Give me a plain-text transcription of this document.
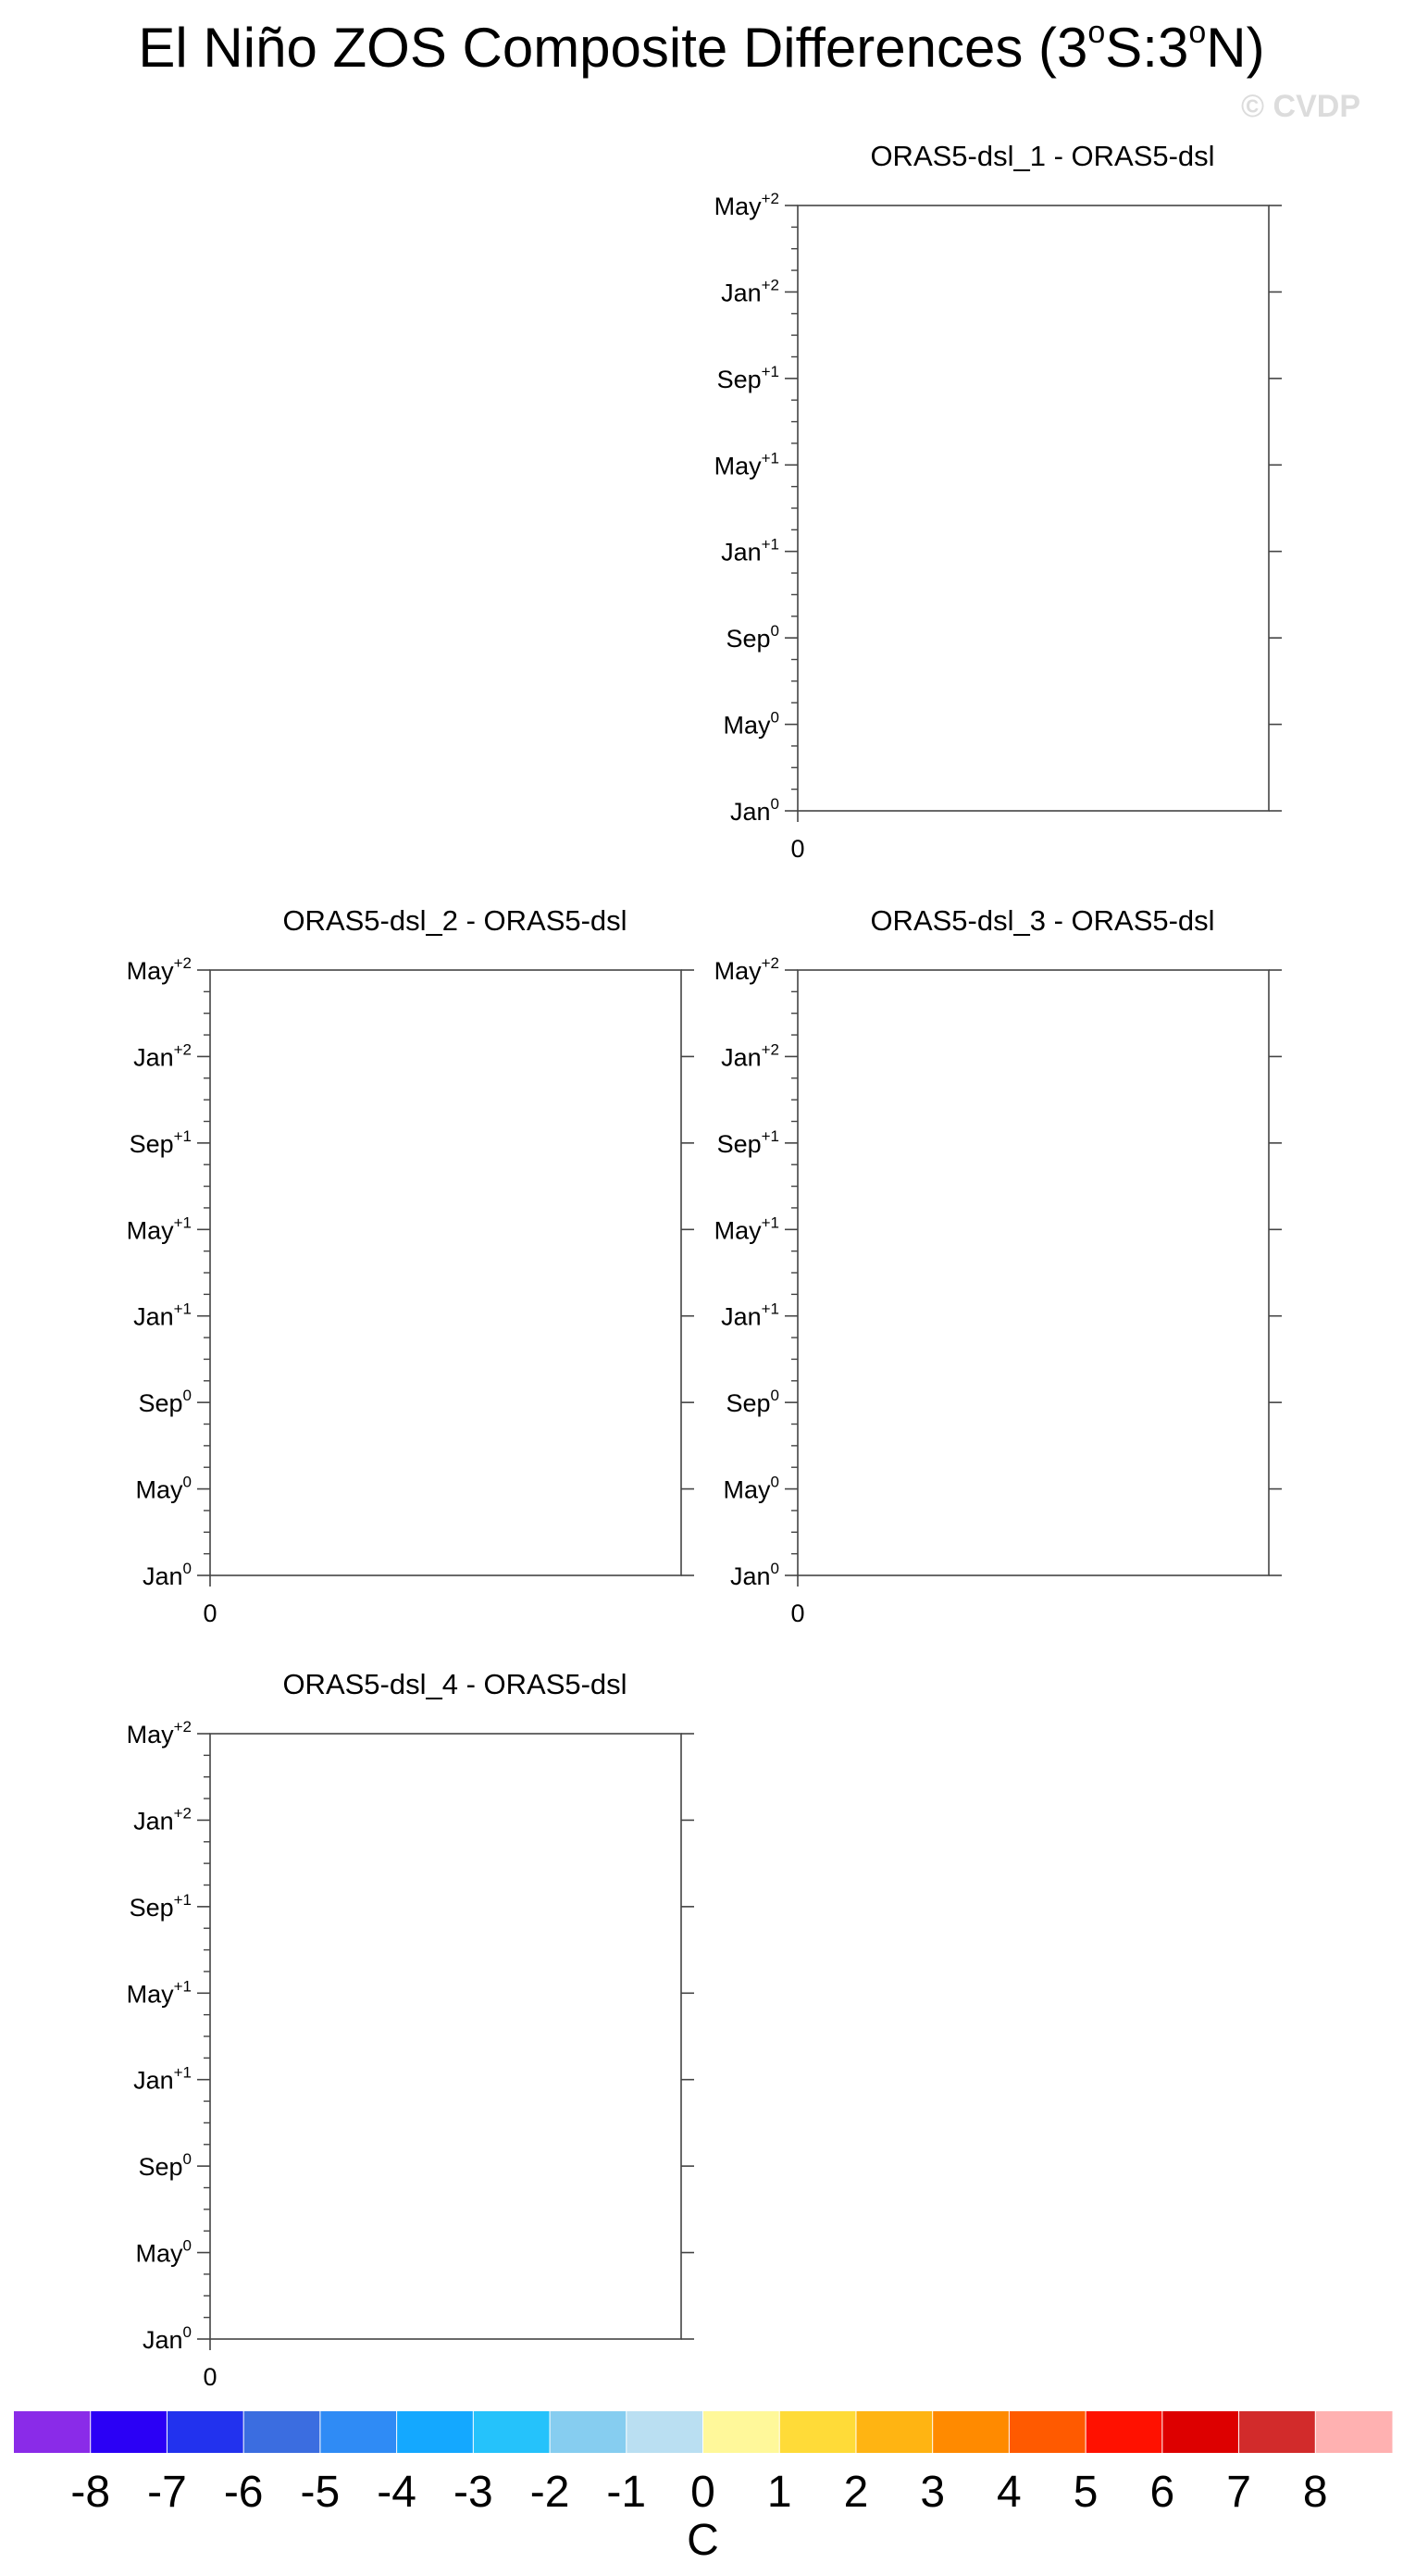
El Niño ZOS Composite Differences (3$^o$S:3$^o$N)
© CVDP
ORAS5-dsl_1 - ORAS5-dsl
Jan$^0$
May$^0$
Sep$^0$
Jan$^{+1}$
May$^{+1}$
Sep$^{+1}$
Jan$^{+2}$
May$^{+2}$
0
ORAS5-dsl_2 - ORAS5-dsl
Jan$^0$
May$^0$
Sep$^0$
Jan$^{+1}$
May$^{+1}$
Sep$^{+1}$
Jan$^{+2}$
May$^{+2}$
0
ORAS5-dsl_3 - ORAS5-dsl
Jan$^0$
May$^0$
Sep$^0$
Jan$^{+1}$
May$^{+1}$
Sep$^{+1}$
Jan$^{+2}$
May$^{+2}$
0
ORAS5-dsl_4 - ORAS5-dsl
Jan$^0$
May$^0$
Sep$^0$
Jan$^{+1}$
May$^{+1}$
Sep$^{+1}$
Jan$^{+2}$
May$^{+2}$
0
-8 -7 -6 -5 -4 -3 -2 -1 0 1 2 3 4 5 6 7 8
C
